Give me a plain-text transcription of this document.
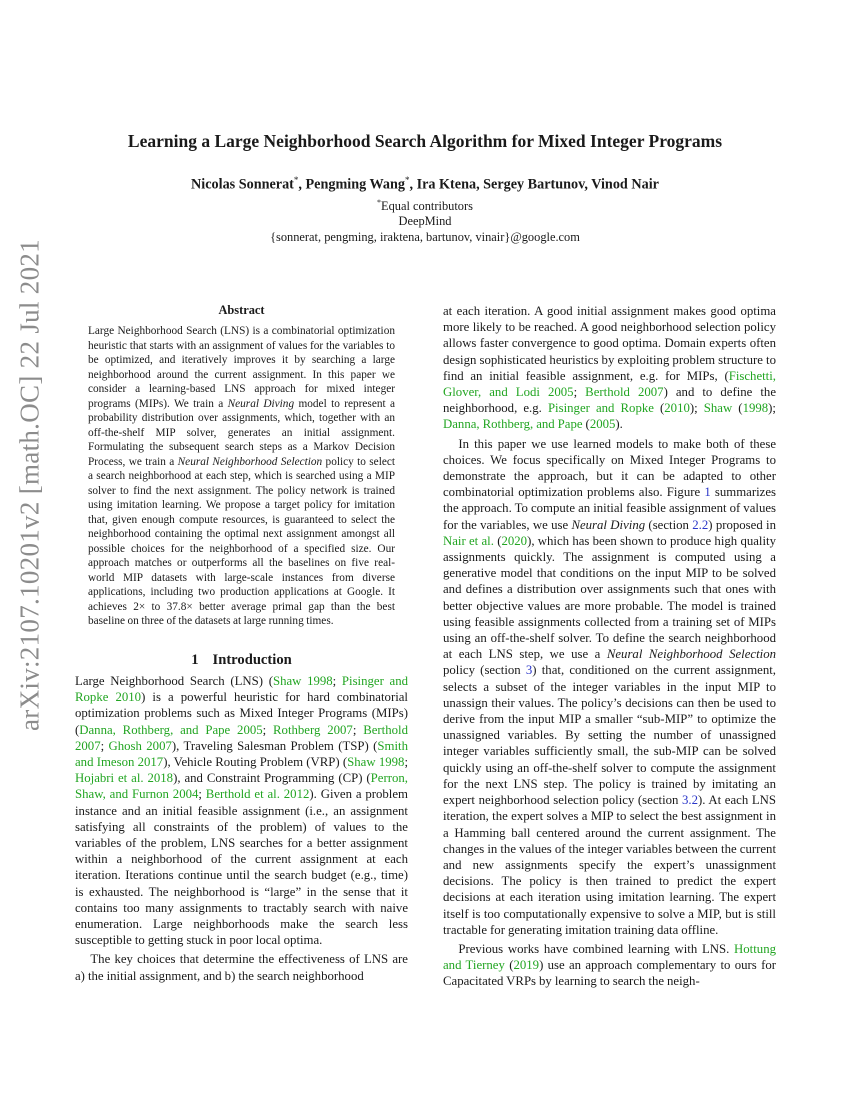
arXiv:2107.10201v2 [math.OC] 22 Jul 2021
Learning a Large Neighborhood Search Algorithm for Mixed Integer Programs
Nicolas Sonnerat*, Pengming Wang*, Ira Ktena, Sergey Bartunov, Vinod Nair
*Equal contributors
DeepMind
{sonnerat, pengming, iraktena, bartunov, vinair}@google.com
Abstract
Large Neighborhood Search (LNS) is a combinatorial optimization heuristic that starts with an assignment of values for the variables to be optimized, and iteratively improves it by searching a large neighborhood around the current assignment. In this paper we consider a learning-based LNS approach for mixed integer programs (MIPs). We train a Neural Diving model to represent a probability distribution over assignments, which, together with an off-the-shelf MIP solver, generates an initial assignment. Formulating the subsequent search steps as a Markov Decision Process, we train a Neural Neighborhood Selection policy to select a search neighborhood at each step, which is searched using a MIP solver to find the next assignment. The policy network is trained using imitation learning. We propose a target policy for imitation that, given enough compute resources, is guaranteed to select the neighborhood containing the optimal next assignment amongst all possible choices for the neighborhood of a specified size. Our approach matches or outperforms all the baselines on five real-world MIP datasets with large-scale instances from diverse applications, including two production applications at Google. It achieves 2× to 37.8× better average primal gap than the best baseline on three of the datasets at large running times.
1 Introduction

Large Neighborhood Search (LNS) (Shaw 1998; Pisinger and Ropke 2010) is a powerful heuristic for hard combinatorial optimization problems such as Mixed Integer Programs (MIPs) (Danna, Rothberg, and Pape 2005; Rothberg 2007; Berthold 2007; Ghosh 2007), Traveling Salesman Problem (TSP) (Smith and Imeson 2017), Vehicle Routing Problem (VRP) (Shaw 1998; Hojabri et al. 2018), and Constraint Programming (CP) (Perron, Shaw, and Furnon 2004; Berthold et al. 2012). Given a problem instance and an initial feasible assignment (i.e., an assignment satisfying all constraints of the problem) of values to the variables of the problem, LNS searches for a better assignment within a neighborhood of the current assignment at each iteration. Iterations continue until the search budget (e.g., time) is exhausted. The neighborhood is “large” in the sense that it contains too many assignments to tractably search with naive enumeration. Large neighborhoods make the search less susceptible to getting stuck in poor local optima.

The key choices that determine the effectiveness of LNS are a) the initial assignment, and b) the search neighborhood

at each iteration. A good initial assignment makes good optima more likely to be reached. A good neighborhood selection policy allows faster convergence to good optima. Domain experts often design sophisticated heuristics by exploiting problem structure to find an initial feasible assignment, e.g. for MIPs, (Fischetti, Glover, and Lodi 2005; Berthold 2007) and to define the neighborhood, e.g. Pisinger and Ropke (2010); Shaw (1998); Danna, Rothberg, and Pape (2005).

In this paper we use learned models to make both of these choices. We focus specifically on Mixed Integer Programs to demonstrate the approach, but it can be adapted to other combinatorial optimization problems also. Figure 1 summarizes the approach. To compute an initial feasible assignment of values for the variables, we use Neural Diving (section 2.2) proposed in Nair et al. (2020), which has been shown to produce high quality assignments quickly. The assignment is computed using a generative model that conditions on the input MIP to be solved and defines a distribution over assignments such that ones with better objective values are more probable. The model is trained using feasible assignments collected from a training set of MIPs using an off-the-shelf solver. To define the search neighborhood at each LNS step, we use a Neural Neighborhood Selection policy (section 3) that, conditioned on the current assignment, selects a subset of the integer variables in the input MIP to unassign their values. The policy’s decisions can then be used to derive from the input MIP a smaller “sub-MIP” to optimize the unassigned variables. By setting the number of unassigned integer variables sufficiently small, the sub-MIP can be solved quickly using an off-the-shelf solver to compute the assignment for the next LNS step. The policy is trained by imitating an expert neighborhood selection policy (section 3.2). At each LNS iteration, the expert solves a MIP to select the best assignment in a Hamming ball centered around the current assignment. The changes in the values of the integer variables between the current and new assignments specify the expert’s unassignment decisions. The policy is then trained to predict the expert decisions at each iteration using imitation learning. The expert itself is too computationally expensive to solve a MIP, but is still tractable for generating imitation training data offline.

Previous works have combined learning with LNS. Hottung and Tierney (2019) use an approach complementary to ours for Capacitated VRPs by learning to search the neigh-
